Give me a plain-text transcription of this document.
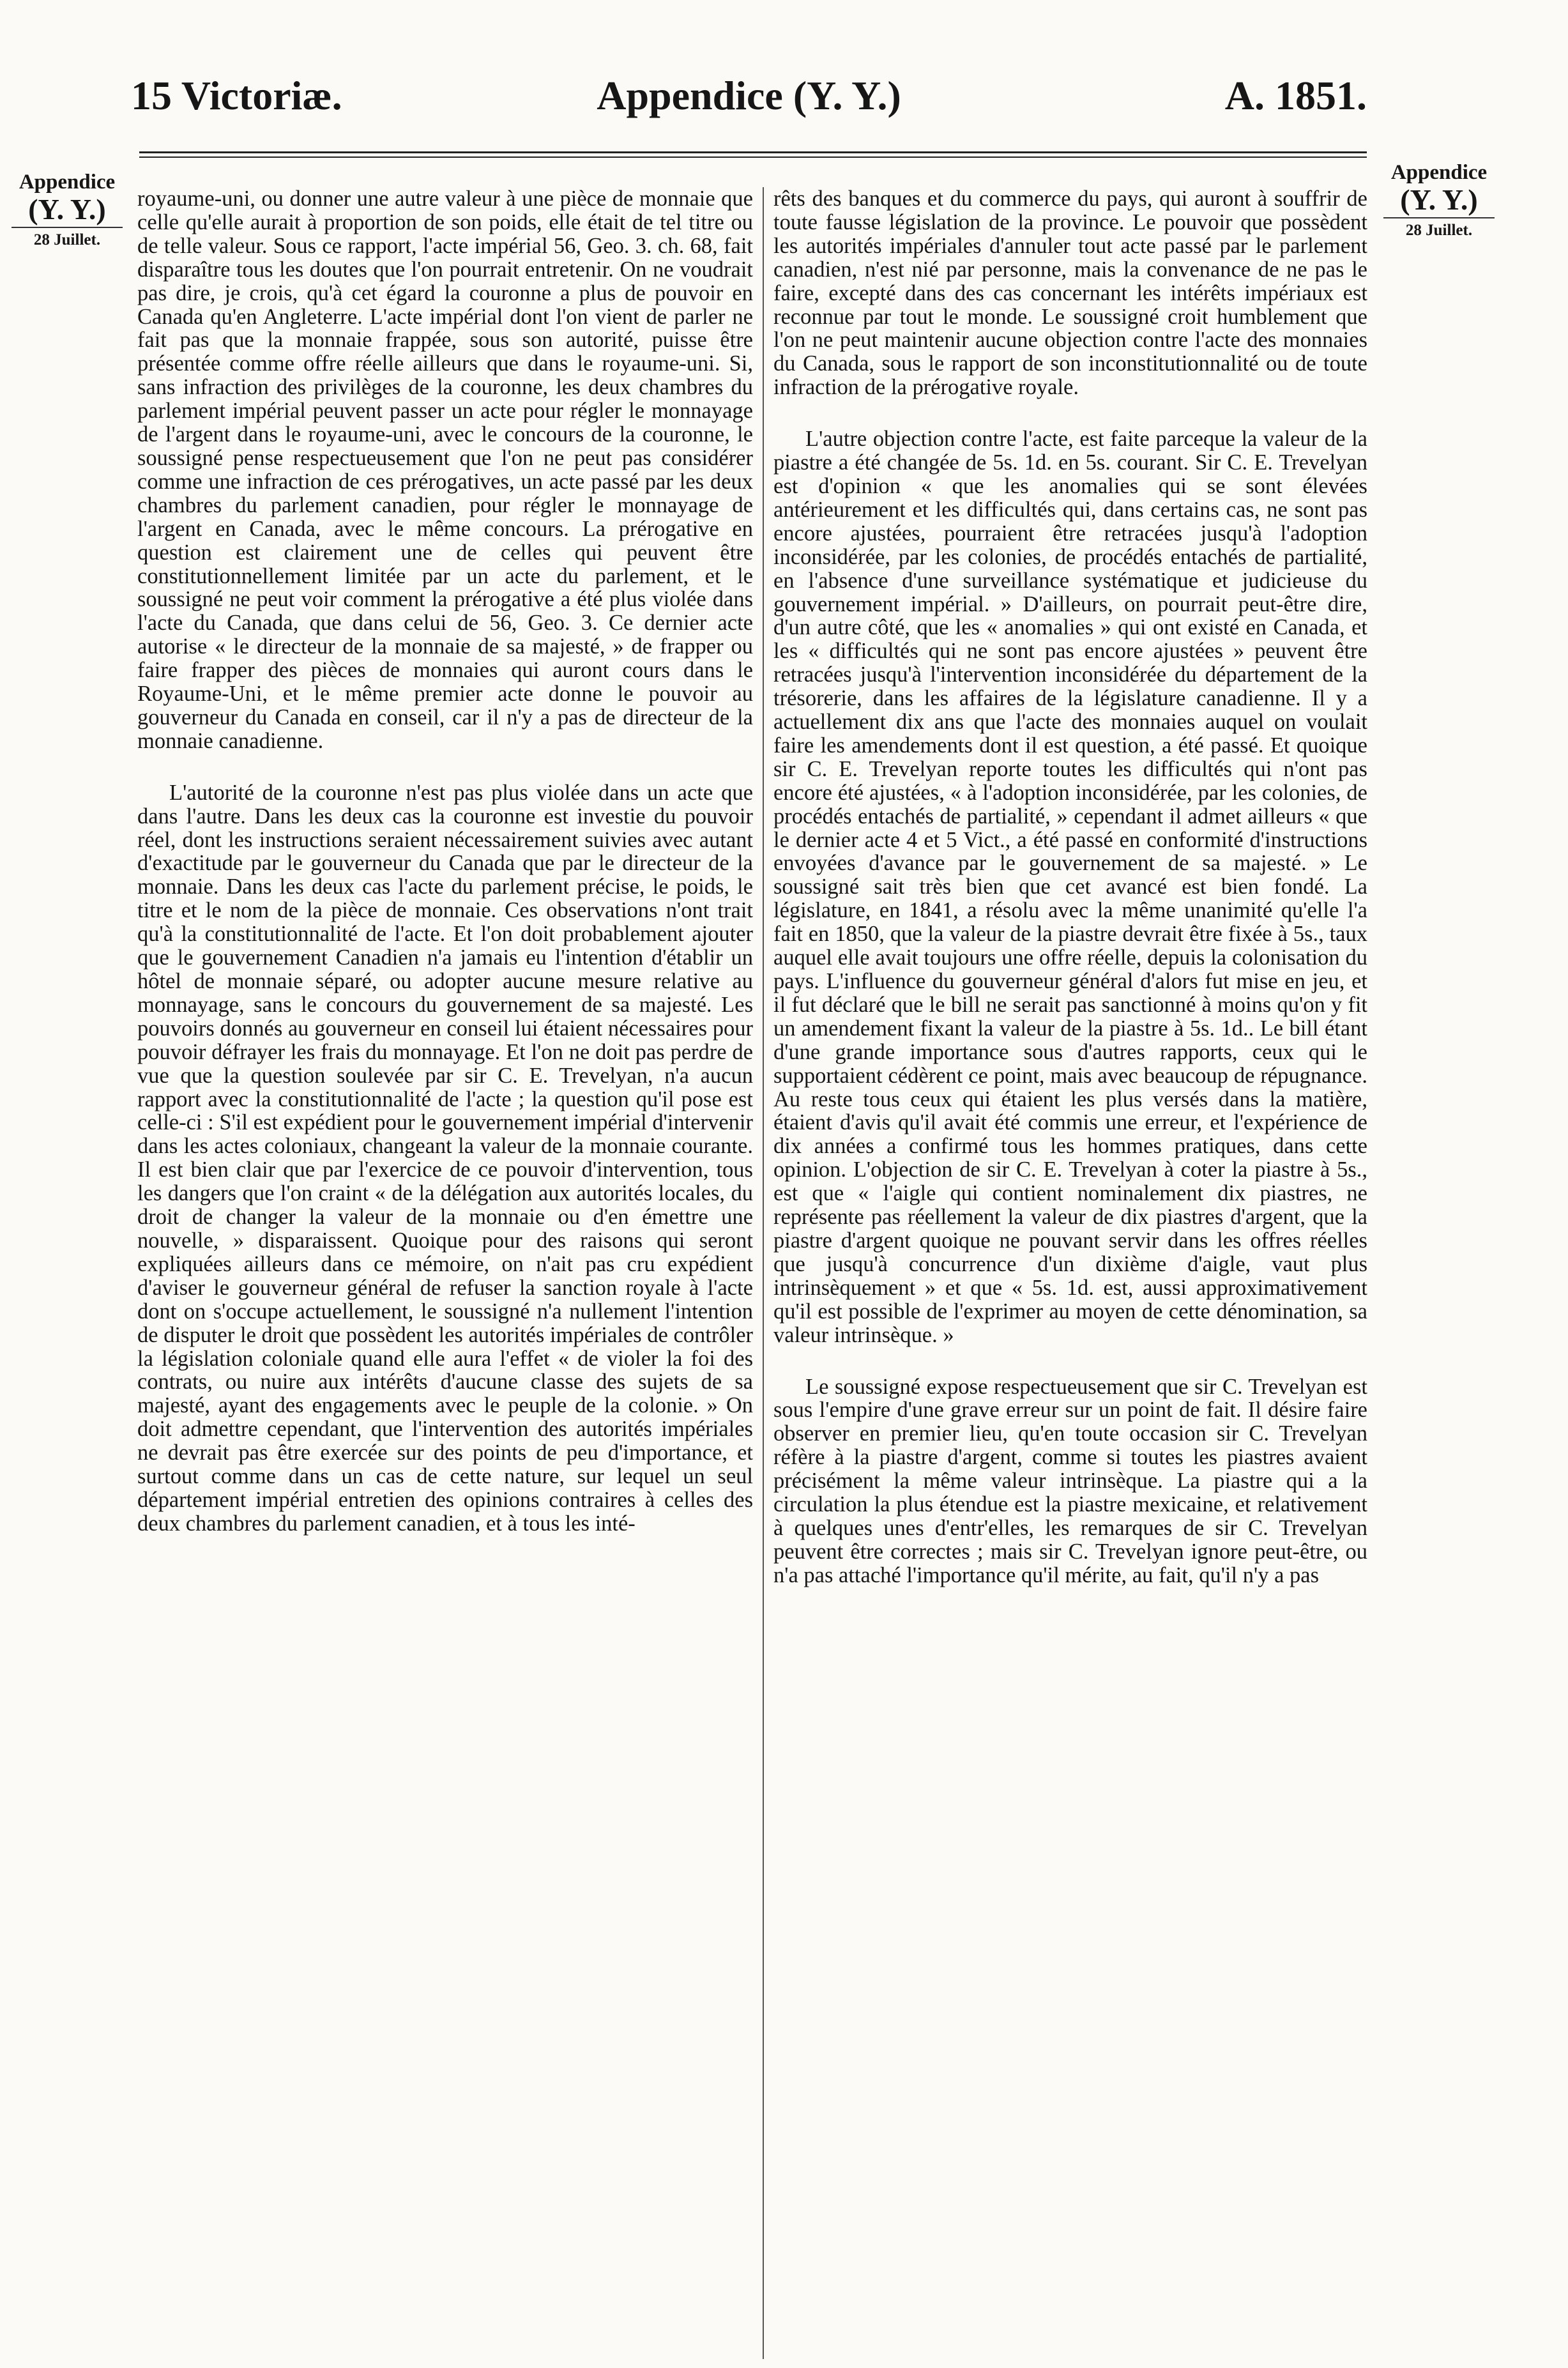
15 Victoriæ.	Appendice (Y. Y.)	A. 1851.
Appendice
(Y. Y.)
28 Juillet.
Appendice
(Y. Y.)
28 Juillet.

royaume-uni, ou donner une autre valeur à une pièce de monnaie que celle qu'elle aurait à proportion de son poids, elle était de tel titre ou de telle valeur. Sous ce rapport, l'acte impérial 56, Geo. 3. ch. 68, fait disparaître tous les doutes que l'on pourrait entretenir. On ne voudrait pas dire, je crois, qu'à cet égard la couronne a plus de pouvoir en Canada qu'en Angleterre. L'acte impérial dont l'on vient de parler ne fait pas que la monnaie frappée, sous son autorité, puisse être présentée comme offre réelle ailleurs que dans le royaume-uni. Si, sans infraction des privilèges de la couronne, les deux chambres du parlement impérial peuvent passer un acte pour régler le monnayage de l'argent dans le royaume-uni, avec le concours de la couronne, le soussigné pense respectueusement que l'on ne peut pas considérer comme une infraction de ces prérogatives, un acte passé par les deux chambres du parlement canadien, pour régler le monnayage de l'argent en Canada, avec le même concours. La prérogative en question est clairement une de celles qui peuvent être constitutionnellement limitée par un acte du parlement, et le soussigné ne peut voir comment la prérogative a été plus violée dans l'acte du Canada, que dans celui de 56, Geo. 3. Ce dernier acte autorise « le directeur de la monnaie de sa majesté, » de frapper ou faire frapper des pièces de monnaies qui auront cours dans le Royaume-Uni, et le même premier acte donne le pouvoir au gouverneur du Canada en conseil, car il n'y a pas de directeur de la monnaie canadienne.

L'autorité de la couronne n'est pas plus violée dans un acte que dans l'autre. Dans les deux cas la couronne est investie du pouvoir réel, dont les instructions seraient nécessairement suivies avec autant d'exactitude par le gouverneur du Canada que par le directeur de la monnaie. Dans les deux cas l'acte du parlement précise, le poids, le titre et le nom de la pièce de monnaie. Ces observations n'ont trait qu'à la constitutionnalité de l'acte. Et l'on doit probablement ajouter que le gouvernement Canadien n'a jamais eu l'intention d'établir un hôtel de monnaie séparé, ou adopter aucune mesure relative au monnayage, sans le concours du gouvernement de sa majesté. Les pouvoirs donnés au gouverneur en conseil lui étaient nécessaires pour pouvoir défrayer les frais du monnayage. Et l'on ne doit pas perdre de vue que la question soulevée par sir C. E. Trevelyan, n'a aucun rapport avec la constitutionnalité de l'acte ; la question qu'il pose est celle-ci : S'il est expédient pour le gouvernement impérial d'intervenir dans les actes coloniaux, changeant la valeur de la monnaie courante. Il est bien clair que par l'exercice de ce pouvoir d'intervention, tous les dangers que l'on craint « de la délégation aux autorités locales, du droit de changer la valeur de la monnaie ou d'en émettre une nouvelle, » disparaissent. Quoique pour des raisons qui seront expliquées ailleurs dans ce mémoire, on n'ait pas cru expédient d'aviser le gouverneur général de refuser la sanction royale à l'acte dont on s'occupe actuellement, le soussigné n'a nullement l'intention de disputer le droit que possèdent les autorités impériales de contrôler la législation coloniale quand elle aura l'effet « de violer la foi des contrats, ou nuire aux intérêts d'aucune classe des sujets de sa majesté, ayant des engagements avec le peuple de la colonie. » On doit admettre cependant, que l'intervention des autorités impériales ne devrait pas être exercée sur des points de peu d'importance, et surtout comme dans un cas de cette nature, sur lequel un seul département impérial entretien des opinions contraires à celles des deux chambres du parlement canadien, et à tous les inté-

rêts des banques et du commerce du pays, qui auront à souffrir de toute fausse législation de la province. Le pouvoir que possèdent les autorités impériales d'annuler tout acte passé par le parlement canadien, n'est nié par personne, mais la convenance de ne pas le faire, excepté dans des cas concernant les intérêts impériaux est reconnue par tout le monde. Le soussigné croit humblement que l'on ne peut maintenir aucune objection contre l'acte des monnaies du Canada, sous le rapport de son inconstitutionnalité ou de toute infraction de la prérogative royale.

L'autre objection contre l'acte, est faite parceque la valeur de la piastre a été changée de 5s. 1d. en 5s. courant. Sir C. E. Trevelyan est d'opinion « que les anomalies qui se sont élevées antérieurement et les difficultés qui, dans certains cas, ne sont pas encore ajustées, pourraient être retracées jusqu'à l'adoption inconsidérée, par les colonies, de procédés entachés de partialité, en l'absence d'une surveillance systématique et judicieuse du gouvernement impérial. » D'ailleurs, on pourrait peut-être dire, d'un autre côté, que les « anomalies » qui ont existé en Canada, et les « difficultés qui ne sont pas encore ajustées » peuvent être retracées jusqu'à l'intervention inconsidérée du département de la trésorerie, dans les affaires de la législature canadienne. Il y a actuellement dix ans que l'acte des monnaies auquel on voulait faire les amendements dont il est question, a été passé. Et quoique sir C. E. Trevelyan reporte toutes les difficultés qui n'ont pas encore été ajustées, « à l'adoption inconsidérée, par les colonies, de procédés entachés de partialité, » cependant il admet ailleurs « que le dernier acte 4 et 5 Vict., a été passé en conformité d'instructions envoyées d'avance par le gouvernement de sa majesté. » Le soussigné sait très bien que cet avancé est bien fondé. La législature, en 1841, a résolu avec la même unanimité qu'elle l'a fait en 1850, que la valeur de la piastre devrait être fixée à 5s., taux auquel elle avait toujours une offre réelle, depuis la colonisation du pays. L'influence du gouverneur général d'alors fut mise en jeu, et il fut déclaré que le bill ne serait pas sanctionné à moins qu'on y fit un amendement fixant la valeur de la piastre à 5s. 1d.. Le bill étant d'une grande importance sous d'autres rapports, ceux qui le supportaient cédèrent ce point, mais avec beaucoup de répugnance. Au reste tous ceux qui étaient les plus versés dans la matière, étaient d'avis qu'il avait été commis une erreur, et l'expérience de dix années a confirmé tous les hommes pratiques, dans cette opinion. L'objection de sir C. E. Trevelyan à coter la piastre à 5s., est que « l'aigle qui contient nominalement dix piastres, ne représente pas réellement la valeur de dix piastres d'argent, que la piastre d'argent quoique ne pouvant servir dans les offres réelles que jusqu'à concurrence d'un dixième d'aigle, vaut plus intrinsèquement » et que « 5s. 1d. est, aussi approximativement qu'il est possible de l'exprimer au moyen de cette dénomination, sa valeur intrinsèque. »

Le soussigné expose respectueusement que sir C. Trevelyan est sous l'empire d'une grave erreur sur un point de fait. Il désire faire observer en premier lieu, qu'en toute occasion sir C. Trevelyan réfère à la piastre d'argent, comme si toutes les piastres avaient précisément la même valeur intrinsèque. La piastre qui a la circulation la plus étendue est la piastre mexicaine, et relativement à quelques unes d'entr'elles, les remarques de sir C. Trevelyan peuvent être correctes ; mais sir C. Trevelyan ignore peut-être, ou n'a pas attaché l'importance qu'il mérite, au fait, qu'il n'y a pas
